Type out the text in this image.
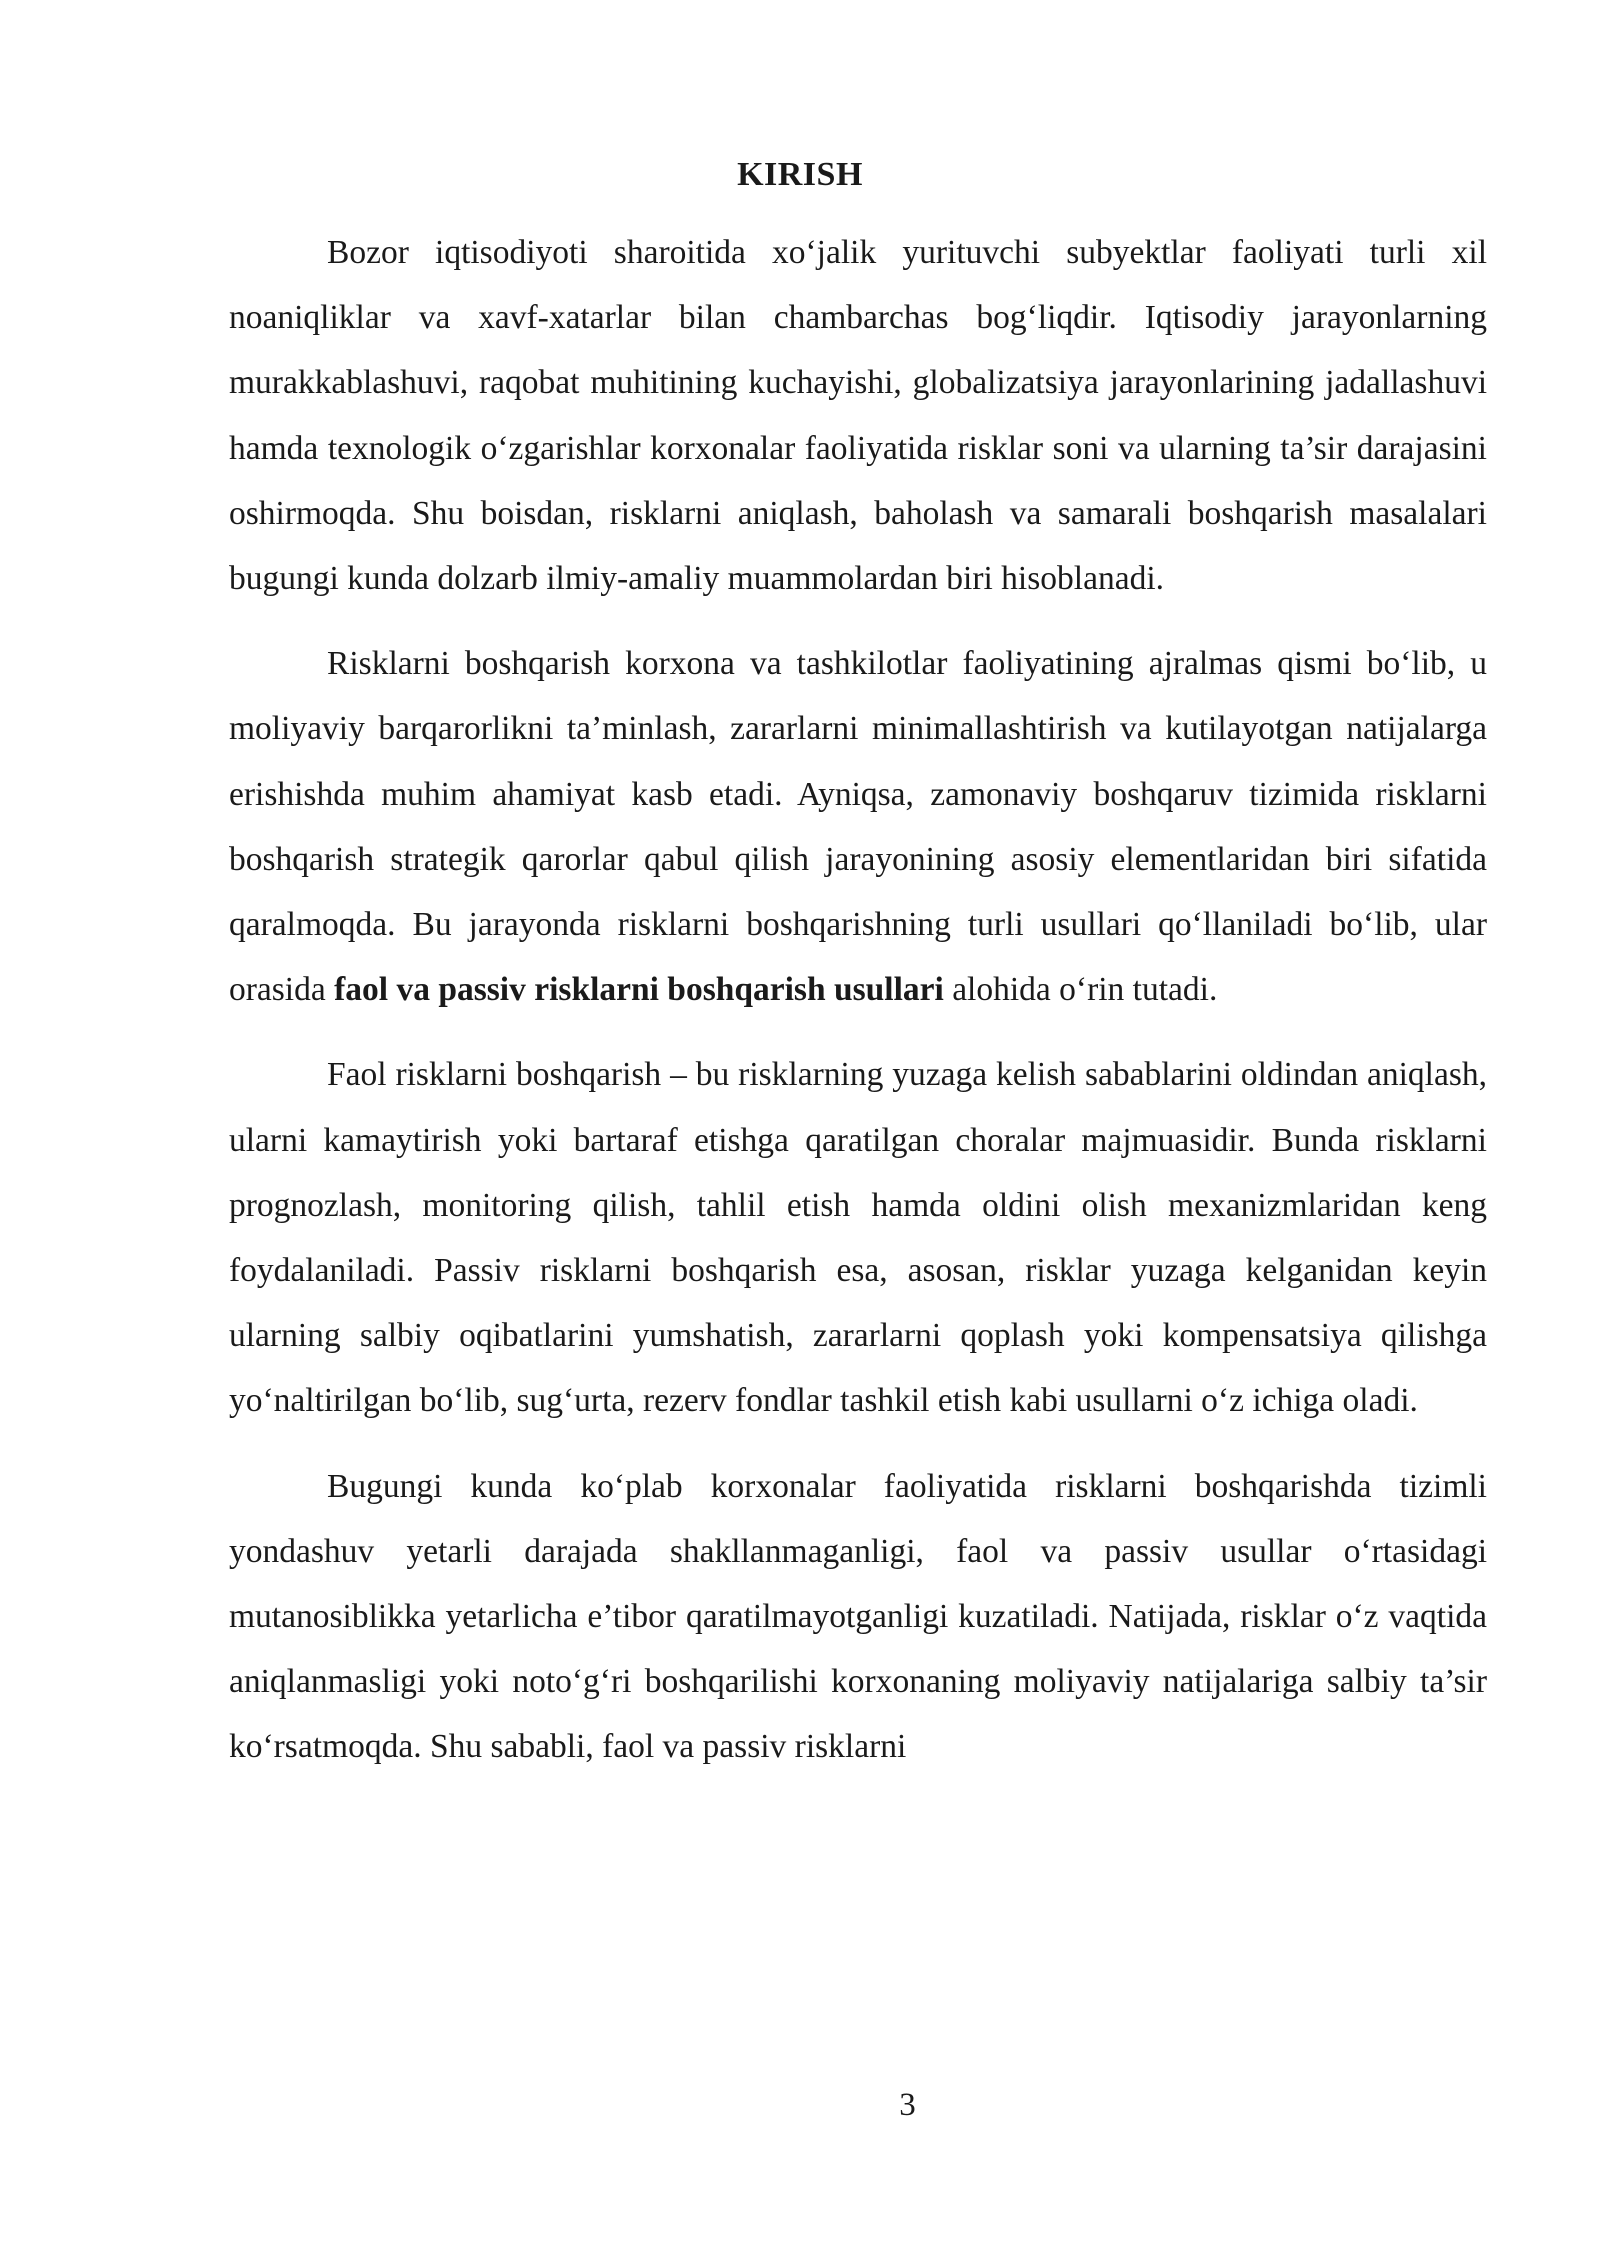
KIRISH

Bozor iqtisodiyoti sharoitida xo‘jalik yurituvchi subyektlar faoliyati turli xil noaniqliklar va xavf-xatarlar bilan chambarchas bog‘liqdir. Iqtisodiy jarayonlarning murakkablashuvi, raqobat muhitining kuchayishi, globalizatsiya jarayonlarining jadallashuvi hamda texnologik o‘zgarishlar korxonalar faoliyatida risklar soni va ularning ta’sir darajasini oshirmoqda. Shu boisdan, risklarni aniqlash, baholash va samarali boshqarish masalalari bugungi kunda dolzarb ilmiy-amaliy muammolardan biri hisoblanadi.

Risklarni boshqarish korxona va tashkilotlar faoliyatining ajralmas qismi bo‘lib, u moliyaviy barqarorlikni ta’minlash, zararlarni minimallashtirish va kutilayotgan natijalarga erishishda muhim ahamiyat kasb etadi. Ayniqsa, zamonaviy boshqaruv tizimida risklarni boshqarish strategik qarorlar qabul qilish jarayonining asosiy elementlaridan biri sifatida qaralmoqda. Bu jarayonda risklarni boshqarishning turli usullari qo‘llaniladi bo‘lib, ular orasida faol va passiv risklarni boshqarish usullari alohida o‘rin tutadi.

Faol risklarni boshqarish – bu risklarning yuzaga kelish sabablarini oldindan aniqlash, ularni kamaytirish yoki bartaraf etishga qaratilgan choralar majmuasidir. Bunda risklarni prognozlash, monitoring qilish, tahlil etish hamda oldini olish mexanizmlaridan keng foydalaniladi. Passiv risklarni boshqarish esa, asosan, risklar yuzaga kelganidan keyin ularning salbiy oqibatlarini yumshatish, zararlarni qoplash yoki kompensatsiya qilishga yo‘naltirilgan bo‘lib, sug‘urta, rezerv fondlar tashkil etish kabi usullarni o‘z ichiga oladi.

Bugungi kunda ko‘plab korxonalar faoliyatida risklarni boshqarishda tizimli yondashuv yetarli darajada shakllanmaganligi, faol va passiv usullar o‘rtasidagi mutanosiblikka yetarlicha e’tibor qaratilmayotganligi kuzatiladi. Natijada, risklar o‘z vaqtida aniqlanmasligi yoki noto‘g‘ri boshqarilishi korxonaning moliyaviy natijalariga salbiy ta’sir ko‘rsatmoqda. Shu sababli, faol va passiv risklarni

3
